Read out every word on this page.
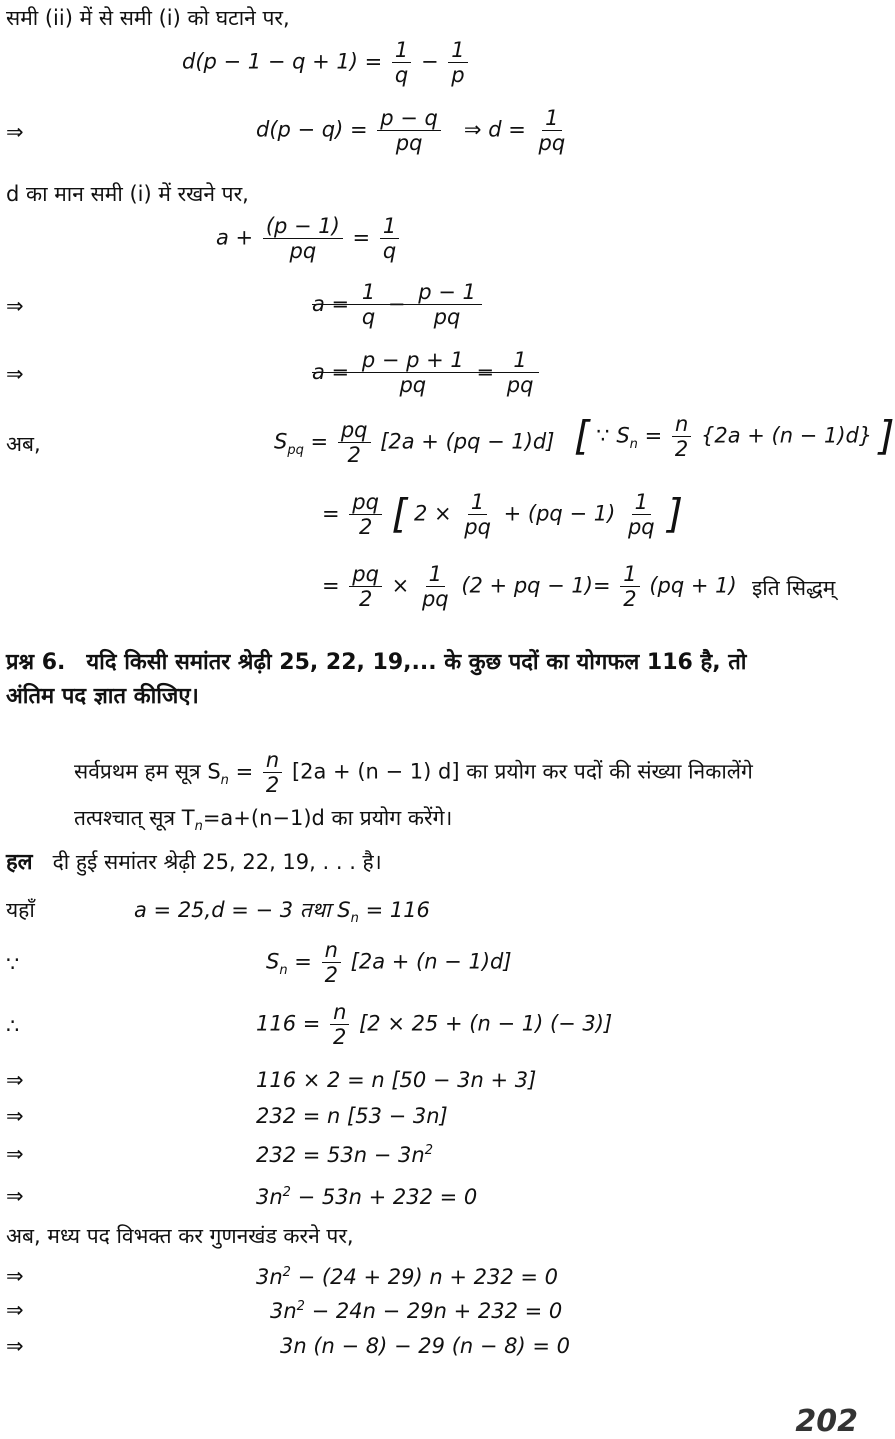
समी (ii) में से समी (i) को घटाने पर,
$d(p - 1 - q + 1) = \frac{1}{q} - \frac{1}{p}$
⇒	$d(p - q) = \frac{p - q}{pq}$ ⇒ $d = \frac{1}{pq}$
d का मान समी (i) में रखने पर,
$a + \frac{(p - 1)}{pq} = \frac{1}{q}$
⇒	$a = \frac{1}{q} - \frac{p - 1}{pq}$
⇒	$a = \frac{p - p + 1}{pq} = \frac{1}{pq}$
अब,	$S_{pq} = \frac{pq}{2} [2a + (pq - 1)d]$ [ ∵ $S_n = \frac{n}{2} \{2a + (n - 1)d\}$ ]
= $\frac{pq}{2}$ [ $2 \times \frac{1}{pq} + (pq - 1) \frac{1}{pq}$ ]
= $\frac{pq}{2} \times \frac{1}{pq} (2$ + pq − $1)= \frac{1}{2} (pq + 1)$ इति सिद्धम्
प्रश्न 6. यदि किसी समांतर श्रेढ़ी 25, 22, 19,... के कुछ पदों का योगफल 116 है, तो
अंतिम पद ज्ञात कीजिए।
सर्वप्रथम हम सूत्र $S_n = \frac{n}{2} [2a + (n - 1)$ d] का प्रयोग कर पदों की संख्या निकालेंगे
तत्पश्चात् सूत्र $T_n=a+(n-1)d$ का प्रयोग करेंगे।
हल दी हुई समांतर श्रेढ़ी 25, 22, 19, . . . है।
यहाँ	a = 25,d = − 3 तथा $S_n = 116$
∵	$S_n = \frac{n}{2} [2a + (n - 1)d]$
∴	$116 = \frac{n}{2} [2 \times 25 + (n - 1)$ (− 3)]
⇒	116 × 2 = n [50 − 3n + 3]
⇒	232 = n [53 − 3n]
⇒	$232 = 53n - 3n^2$
⇒	$3n^2 - 53n + 232 = 0$
अब, मध्य पद विभक्त कर गुणनखंड करने पर,
⇒	$3n^2 - (24 + 29) n + 232 = 0$
⇒	$3n^2 - 24n - 29n + 232 = 0$
⇒	3n (n − 8) − 29 (n − 8) = 0
202
